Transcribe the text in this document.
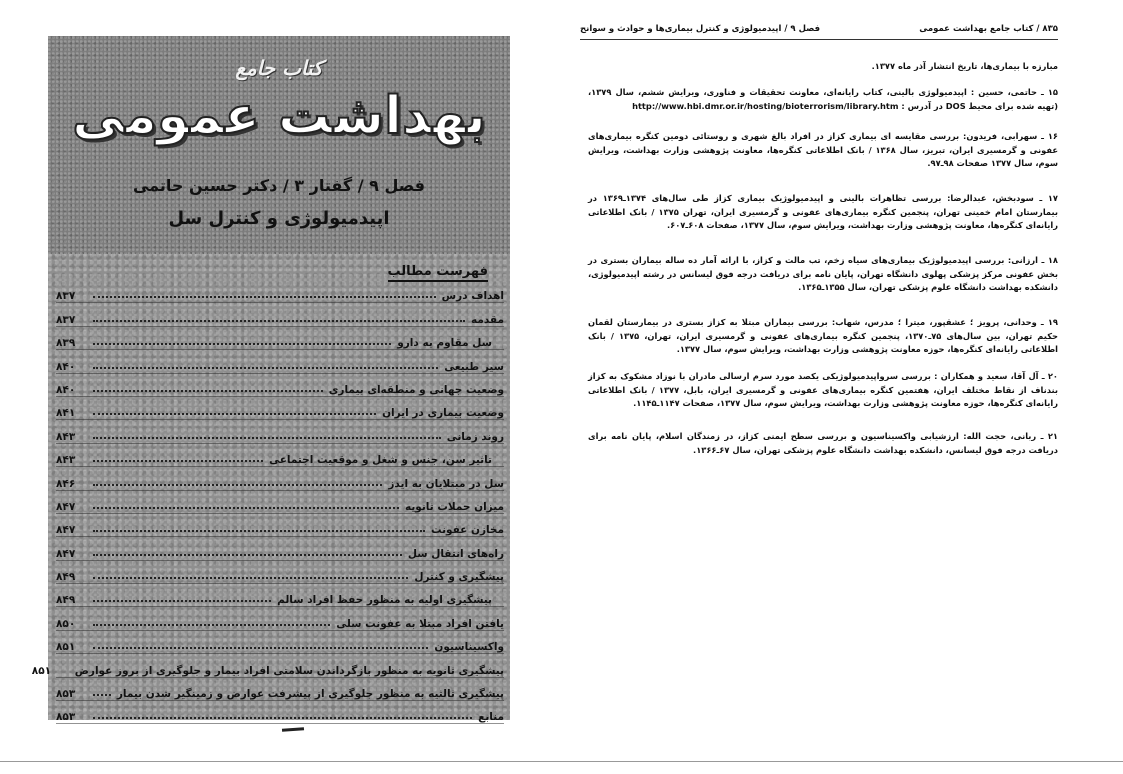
کتاب جامع
بهداشت عمومی
فصل ۹ / گفتار ۳ / دکتر حسین حاتمی
اپیدمیولوژی و کنترل سل
فهرست مطالب
اهداف درس
۸۳۷
مقدمه
۸۳۷
سل مقاوم به دارو
۸۳۹
سیر طبیعی
۸۴۰
وضعیت جهانی و منطقه‌ای بیماری
۸۴۰
وضعیت بیماری در ایران
۸۴۱
روند زمانی
۸۴۳
تاثیر سن، جنس و شغل و موقعیت اجتماعی
۸۴۳
سل در مبتلایان به ایدز
۸۴۶
میزان حملات ثانویه
۸۴۷
مخازن عفونت
۸۴۷
راه‌های انتقال سل
۸۴۷
پیشگیری و کنترل
۸۴۹
پیشگیری اولیه به منظور حفظ افراد سالم
۸۴۹
یافتن افراد مبتلا به عفونت سلی
۸۵۰
واکسیناسیون
۸۵۱
پیشگیری ثانویه به منظور بازگرداندن سلامتی افراد بیمار و جلوگیری از بروز عوارض
۸۵۱
پیشگیری ثالثیه به منظور جلوگیری از پیشرفت عوارض و زمینگیر شدن بیمار
۸۵۳
منابع
۸۵۳
۸۳۵ / کتاب جامع بهداشت عمومی
فصل ۹ / اپیدمیولوژی و کنترل بیماری‌ها و حوادث و سوانح

مبارزه با بیماری‌ها، تاریخ انتشار آذر ماه ۱۳۷۷.

۱۵ ـ حاتمی، حسین : اپیدمیولوژی بالینی، کتاب رایانه‌ای، معاونت تحقیقات و فناوری، ویرایش ششم، سال ۱۳۷۹، (تهیه شده برای محیط DOS در آدرس : http://www.hbi.dmr.or.ir/hosting/bioterrorism/library.htm

۱۶ ـ سهرابی، فریدون: بررسی مقایسه ای بیماری کزاز در افراد بالغ شهری و روستائی دومین کنگره بیماری‌های عفونی و گرمسیری ایران، تبریز، سال ۱۳۶۸ / بانک اطلاعاتی کنگره‌ها، معاونت پژوهشی وزارت بهداشت، ویرایش سوم، سال ۱۳۷۷ صفحات ۹۸ـ۹۷.

۱۷ ـ سودبخش، عبدالرضا: بررسی تظاهرات بالینی و اپیدمیولوژیک بیماری کزاز طی سال‌های ۱۳۷۴ـ۱۳۶۹ در بیمارستان امام خمینی تهران، پنجمین کنگره بیماری‌های عفونی و گرمسیری ایران، تهران ۱۳۷۵ / بانک اطلاعاتی رایانه‌ای کنگره‌ها، معاونت پژوهشی وزارت بهداشت، ویرایش سوم، سال ۱۳۷۷، صفحات ۶۰۸ـ۶۰۷.

۱۸ ـ ارزانی: بررسی اپیدمیولوژیک بیماری‌های سیاه زخم، تب مالت و کزاز، با ارائه آمار ده ساله بیماران بستری در بخش عفونی مرکز پزشکی پهلوی دانشگاه تهران، پایان نامه برای دریافت درجه فوق لیسانس در رشته اپیدمیولوژی، دانشکده بهداشت دانشگاه علوم پزشکی تهران، سال ۱۳۵۵ـ۱۳۶۵.

۱۹ ـ وحدانی، پرویز ؛ عشقپور، میترا ؛ مدرس، شهاب: بررسی بیماران مبتلا به کزاز بستری در بیمارستان لقمان حکیم تهران، بین سال‌های ۷۵ـ۱۳۷۰، پنجمین کنگره بیماری‌های عفونی و گرمسیری ایران، تهران، ۱۳۷۵ / بانک اطلاعاتی رایانه‌ای کنگره‌ها، حوزه معاونت پژوهشی وزارت بهداشت، ویرایش سوم، سال ۱۳۷۷.

۲۰ ـ آل آقا، سعید و همکاران : بررسی سرواپیدمیولوژیکی یکصد مورد سرم ارسالی مادران با نوزاد مشکوک به کزاز بندناف از نقاط مختلف ایران، هفتمین کنگره بیماری‌های عفونی و گرمسیری ایران، بابل، ۱۳۷۷ / بانک اطلاعاتی رایانه‌ای کنگره‌ها، حوزه معاونت پژوهشی وزارت بهداشت، ویرایش سوم، سال ۱۳۷۷، صفحات ۱۱۴۷ـ۱۱۴۵.

۲۱ ـ ربانی، حجت الله: ارزشیابی واکسیناسیون و بررسی سطح ایمنی کزاز، در زمندگان اسلام، پایان نامه برای دریافت درجه فوق لیسانس، دانشکده بهداشت دانشگاه علوم پزشکی تهران، سال ۶۷ـ۱۳۶۶.
